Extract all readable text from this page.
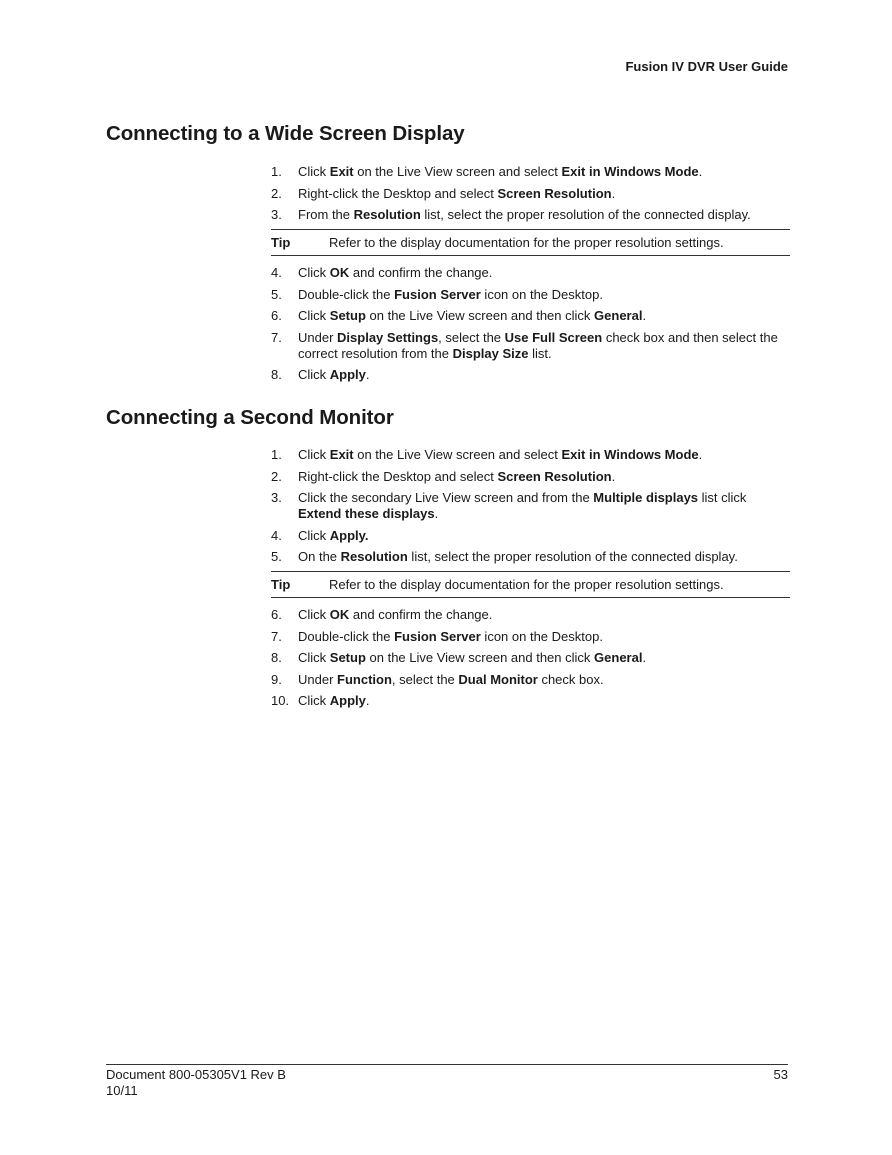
Fusion IV DVR User Guide
Connecting to a Wide Screen Display
1.	Click Exit on the Live View screen and select Exit in Windows Mode.
2.	Right-click the Desktop and select Screen Resolution.
3.	From the Resolution list, select the proper resolution of the connected display.
Tip	Refer to the display documentation for the proper resolution settings.
4.	Click OK and confirm the change.
5.	Double-click the Fusion Server icon on the Desktop.
6.	Click Setup on the Live View screen and then click General.
7.	Under Display Settings, select the Use Full Screen check box and then select the correct resolution from the Display Size list.
8.	Click Apply.
Connecting a Second Monitor
1.	Click Exit on the Live View screen and select Exit in Windows Mode.
2.	Right-click the Desktop and select Screen Resolution.
3.	Click the secondary Live View screen and from the Multiple displays list click Extend these displays.
4.	Click Apply.
5.	On the Resolution list, select the proper resolution of the connected display.
Tip	Refer to the display documentation for the proper resolution settings.
6.	Click OK and confirm the change.
7.	Double-click the Fusion Server icon on the Desktop.
8.	Click Setup on the Live View screen and then click General.
9.	Under Function, select the Dual Monitor check box.
10. Click Apply.
Document 800-05305V1 Rev B
10/11
53
